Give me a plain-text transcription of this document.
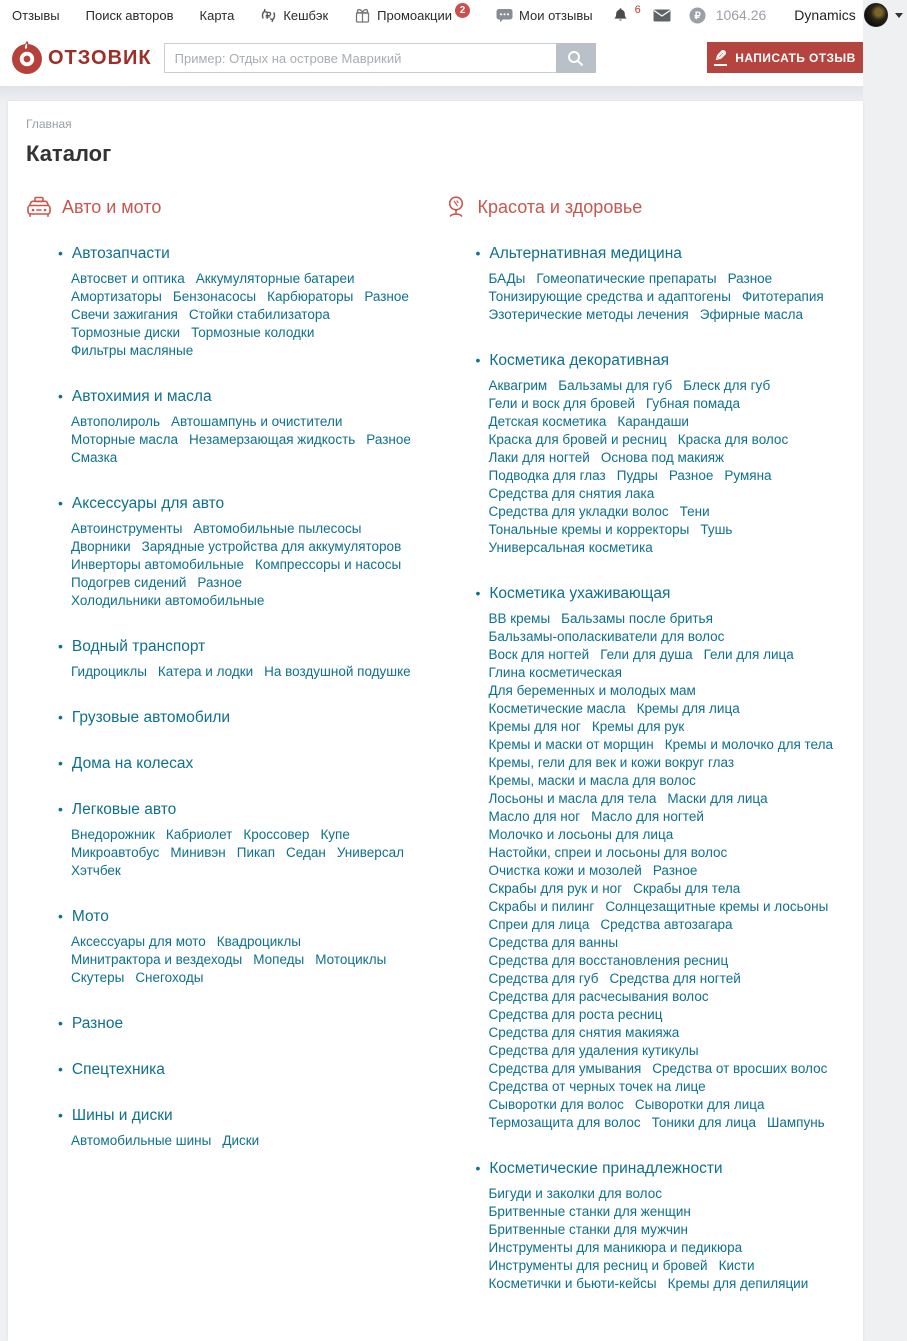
Отзывы Поиск авторов Карта	₽ Кешбэк	Промоакции 2	Мои отзывы	6	₽ 1064.26 Dynamics
ОТЗОВИК
Пример: Отдых на острове Маврикий	✎ НАПИСАТЬ ОТЗЫВ
Главная
Каталог
Авто и мото
• Автозапчасти
Автосвет и оптика Аккумуляторные батареиАмортизаторы Бензонасосы Карбюраторы РазноеСвечи зажигания Стойки стабилизатораТормозные диски Тормозные колодкиФильтры масляные
• Автохимия и масла
Автополироль Автошампунь и очистителиМоторные масла Незамерзающая жидкость РазноеСмазка
• Аксессуары для авто
Автоинструменты Автомобильные пылесосыДворники Зарядные устройства для аккумуляторовИнверторы автомобильные Компрессоры и насосыПодогрев сидений РазноеХолодильники автомобильные
• Водный транспорт
Гидроциклы Катера и лодки На воздушной подушке
• Грузовые автомобили
• Дома на колесах
• Легковые авто
Внедорожник Кабриолет Кроссовер КупеМикроавтобус Минивэн Пикап Седан УниверсалХэтчбек
• Мото
Аксессуары для мото КвадроциклыМинитрактора и вездеходы Мопеды МотоциклыСкутеры Снегоходы
• Разное
• Спецтехника
• Шины и диски
Автомобильные шины Диски
Красота и здоровье
• Альтернативная медицина
БАДы Гомеопатические препараты РазноеТонизирующие средства и адаптогены ФитотерапияЭзотерические методы лечения Эфирные масла
• Косметика декоративная
Аквагрим Бальзамы для губ Блеск для губГели и воск для бровей Губная помадаДетская косметика КарандашиКраска для бровей и ресниц Краска для волосЛаки для ногтей Основа под макияжПодводка для глаз Пудры Разное РумянаСредства для снятия лакаСредства для укладки волос ТениТональные кремы и корректоры ТушьУниверсальная косметика
• Косметика ухаживающая
ВВ кремы Бальзамы после бритьяБальзамы-ополаскиватели для волосВоск для ногтей Гели для душа Гели для лицаГлина косметическаяДля беременных и молодых мамКосметические масла Кремы для лицаКремы для ног Кремы для рукКремы и маски от морщин Кремы и молочко для телаКремы, гели для век и кожи вокруг глазКремы, маски и масла для волосЛосьоны и масла для тела Маски для лицаМасло для ног Масло для ногтейМолочко и лосьоны для лицаНастойки, спреи и лосьоны для волосОчистка кожи и мозолей РазноеСкрабы для рук и ног Скрабы для телаСкрабы и пилинг Солнцезащитные кремы и лосьоныСпреи для лица Средства автозагараСредства для ванныСредства для восстановления ресницСредства для губ Средства для ногтейСредства для расчесывания волосСредства для роста ресницСредства для снятия макияжаСредства для удаления кутикулыСредства для умывания Средства от вросших волосСредства от черных точек на лицеСыворотки для волос Сыворотки для лицаТермозащита для волос Тоники для лица Шампунь
• Косметические принадлежности
Бигуди и заколки для волосБритвенные станки для женщинБритвенные станки для мужчинИнструменты для маникюра и педикюраИнструменты для ресниц и бровей КистиКосметички и бьюти-кейсы Кремы для депиляции
